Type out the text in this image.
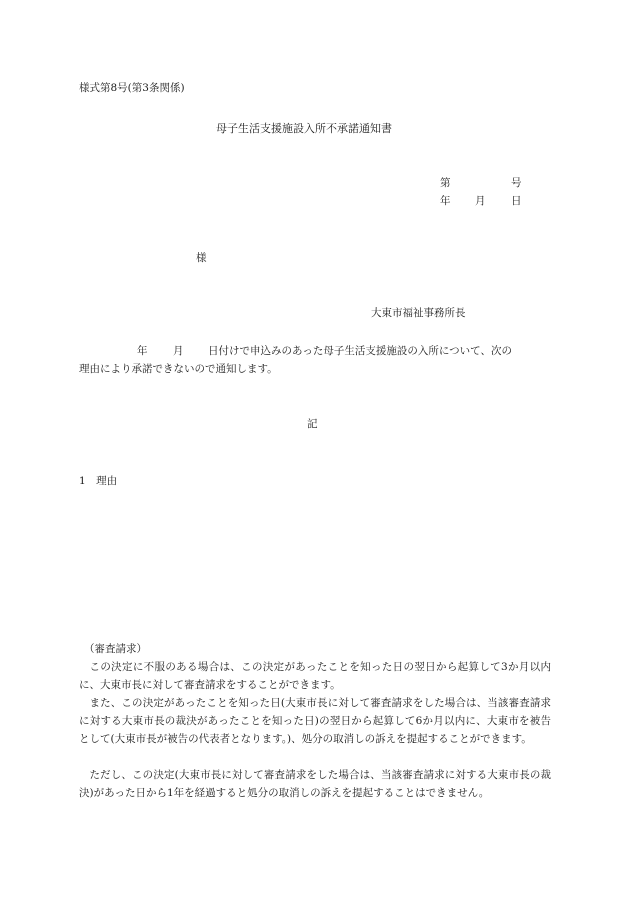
様式第8号(第3条関係)
母子生活支援施設入所不承諾通知書
第	号
年 月 日
様
大東市福祉事務所長
年 月 日付けで申込みのあった母子生活支援施設の入所について、次の
理由により承諾できないので通知します。
記
1　理由
（審査請求）
この決定に不服のある場合は、この決定があったことを知った日の翌日から起算して3か月以内に、大東市長に対して審査請求をすることができます。
また、この決定があったことを知った日(大東市長に対して審査請求をした場合は、当該審査請求に対する大東市長の裁決があったことを知った日)の翌日から起算して6か月以内に、大東市を被告として(大東市長が被告の代表者となります。)、処分の取消しの訴えを提起することができます。
ただし、この決定(大東市長に対して審査請求をした場合は、当該審査請求に対する大東市長の裁決)があった日から1年を経過すると処分の取消しの訴えを提起することはできません。
